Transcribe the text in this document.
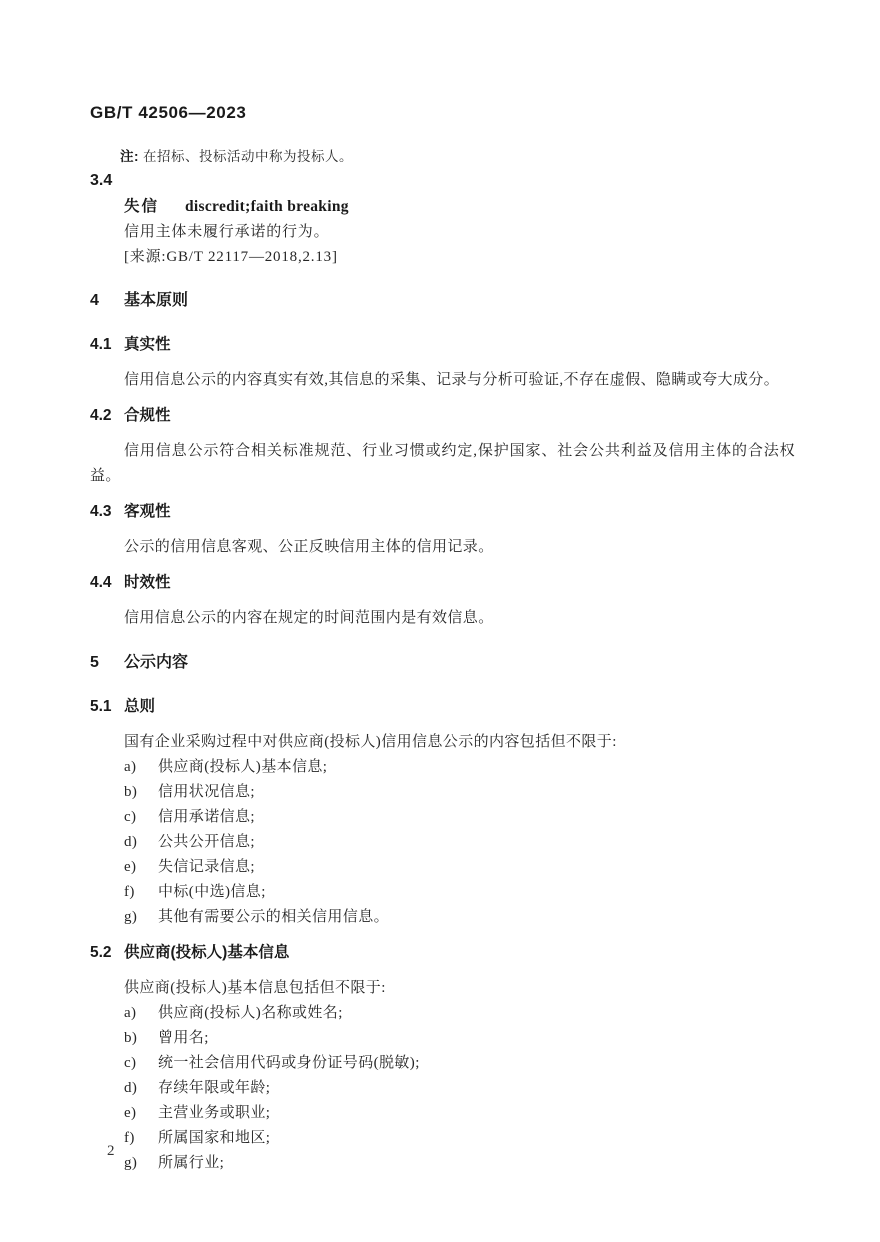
GB/T 42506—2023

注: 在招标、投标活动中称为投标人。

3.4

失信 discredit;faith breaking

信用主体未履行承诺的行为。

[来源:GB/T 22117—2018,2.13]

4 基本原则
4.1 真实性

信用信息公示的内容真实有效,其信息的采集、记录与分析可验证,不存在虚假、隐瞒或夸大成分。

4.2 合规性

信用信息公示符合相关标准规范、行业习惯或约定,保护国家、社会公共利益及信用主体的合法权益。

4.3 客观性

公示的信用信息客观、公正反映信用主体的信用记录。

4.4 时效性

信用信息公示的内容在规定的时间范围内是有效信息。

5 公示内容
5.1 总则

国有企业采购过程中对供应商(投标人)信用信息公示的内容包括但不限于:

a) 供应商(投标人)基本信息;
b) 信用状况信息;
c) 信用承诺信息;
d) 公共公开信息;
e) 失信记录信息;
f) 中标(中选)信息;
g) 其他有需要公示的相关信用信息。
5.2 供应商(投标人)基本信息

供应商(投标人)基本信息包括但不限于:

a) 供应商(投标人)名称或姓名;
b) 曾用名;
c) 统一社会信用代码或身份证号码(脱敏);
d) 存续年限或年龄;
e) 主营业务或职业;
f) 所属国家和地区;
g) 所属行业;
2
